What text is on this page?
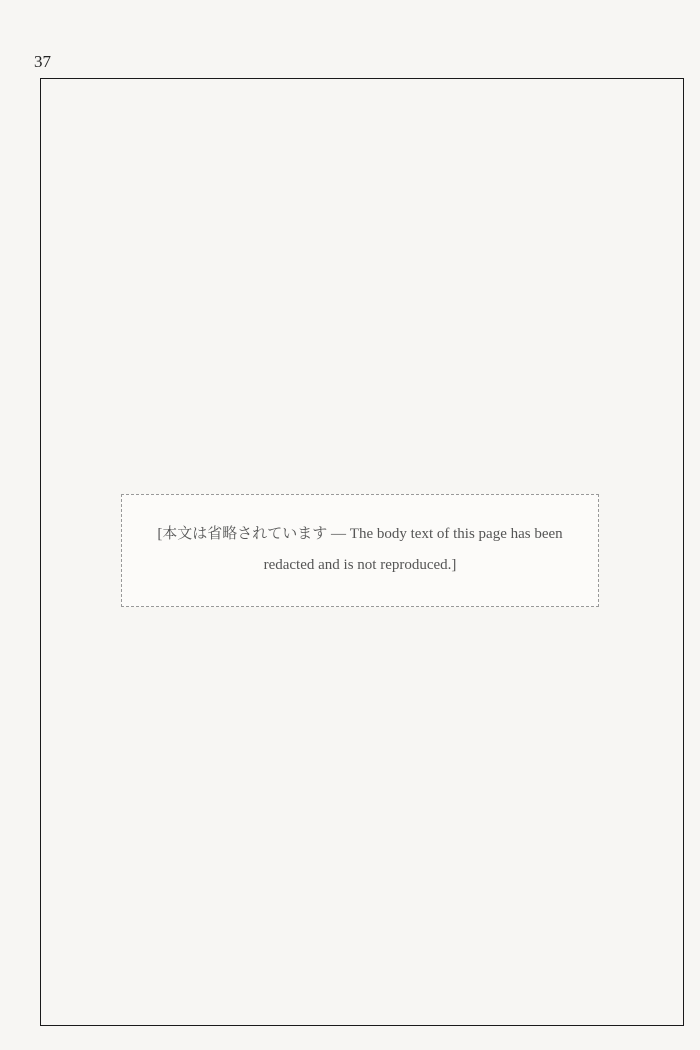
37
[本文は省略されています — The body text of this page has been redacted and is not reproduced.]
